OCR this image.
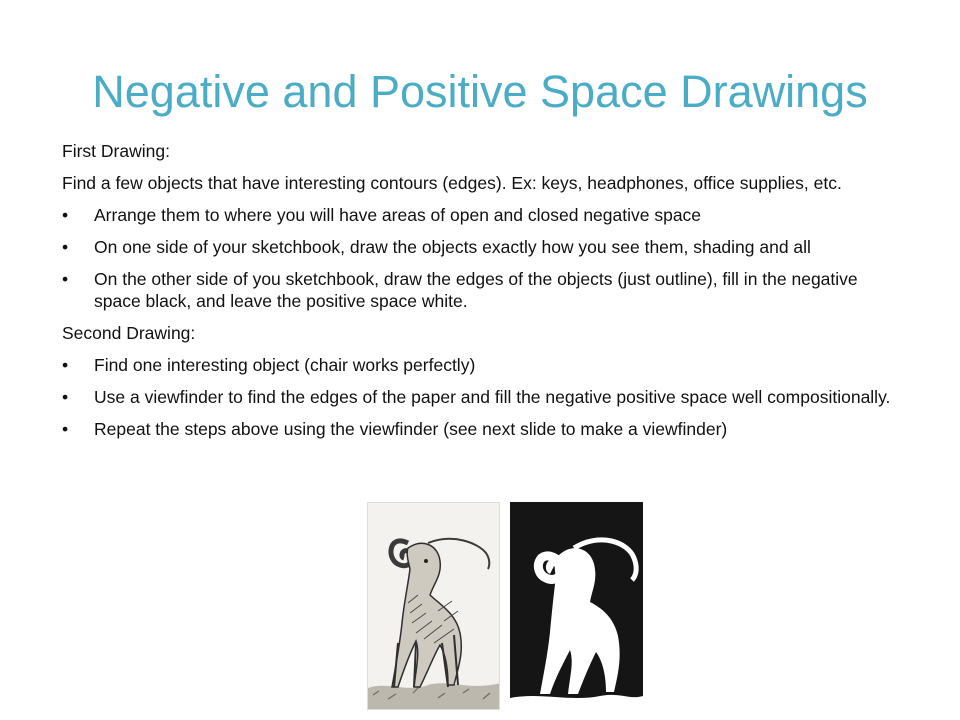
Negative and Positive Space Drawings

First Drawing:

Find a few objects that have interesting contours (edges). Ex: keys, headphones, office supplies, etc.

•	Arrange them to where you will have areas of open and closed negative space
•	On one side of your sketchbook, draw the objects exactly how you see them, shading and all
•	On the other side of you sketchbook, draw the edges of the objects (just outline), fill in the negative space black, and leave the positive space white.

Second Drawing:

•	Find one interesting object (chair works perfectly)
•	Use a viewfinder to find the edges of the paper and fill the negative positive space well compositionally.
•	Repeat the steps above using the viewfinder (see next slide to make a viewfinder)
